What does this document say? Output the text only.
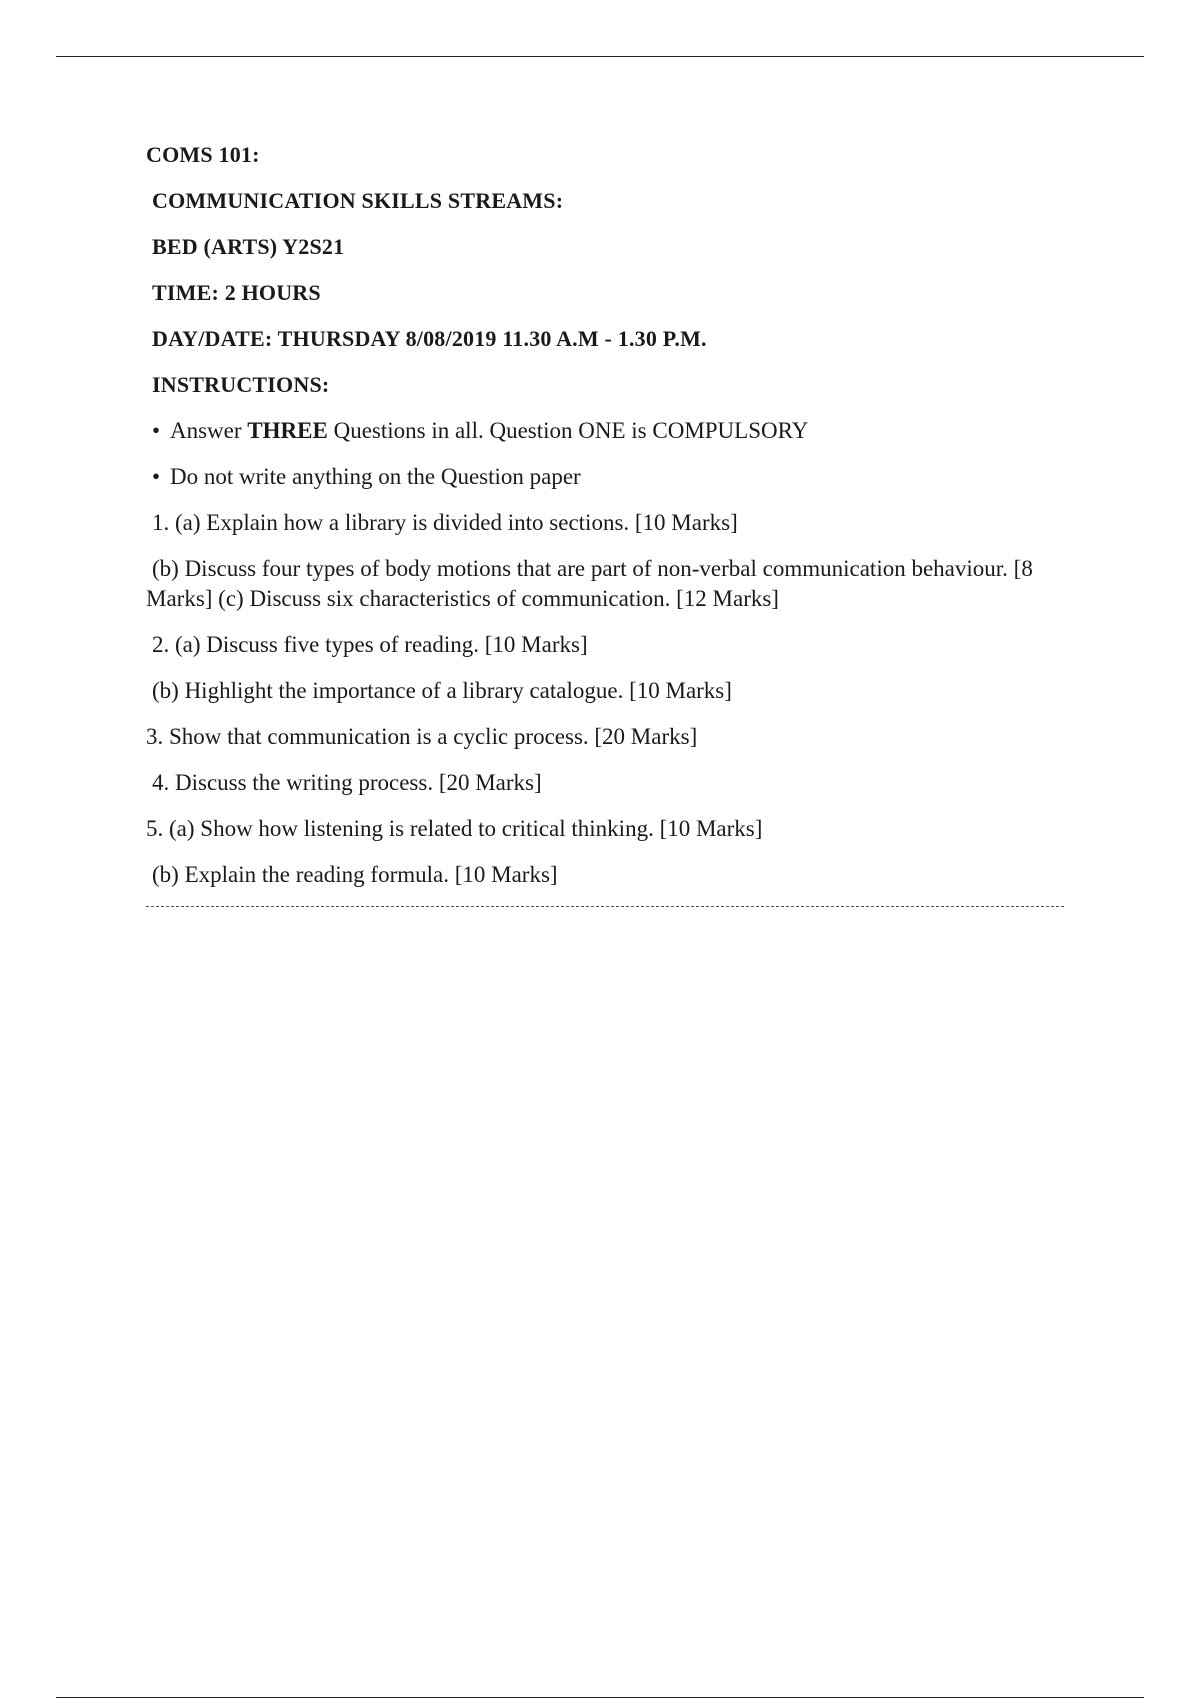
COMS 101:
COMMUNICATION SKILLS STREAMS:
BED (ARTS) Y2S21
TIME: 2 HOURS
DAY/DATE: THURSDAY 8/08/2019 11.30 A.M - 1.30 P.M.
INSTRUCTIONS:
• Answer THREE Questions in all. Question ONE is COMPULSORY
• Do not write anything on the Question paper
1. (a) Explain how a library is divided into sections. [10 Marks]
(b) Discuss four types of body motions that are part of non-verbal communication behaviour. [8 Marks] (c) Discuss six characteristics of communication. [12 Marks]
2. (a) Discuss five types of reading. [10 Marks]
(b) Highlight the importance of a library catalogue. [10 Marks]
3. Show that communication is a cyclic process. [20 Marks]
4. Discuss the writing process. [20 Marks]
5. (a) Show how listening is related to critical thinking. [10 Marks]
(b) Explain the reading formula. [10 Marks]
